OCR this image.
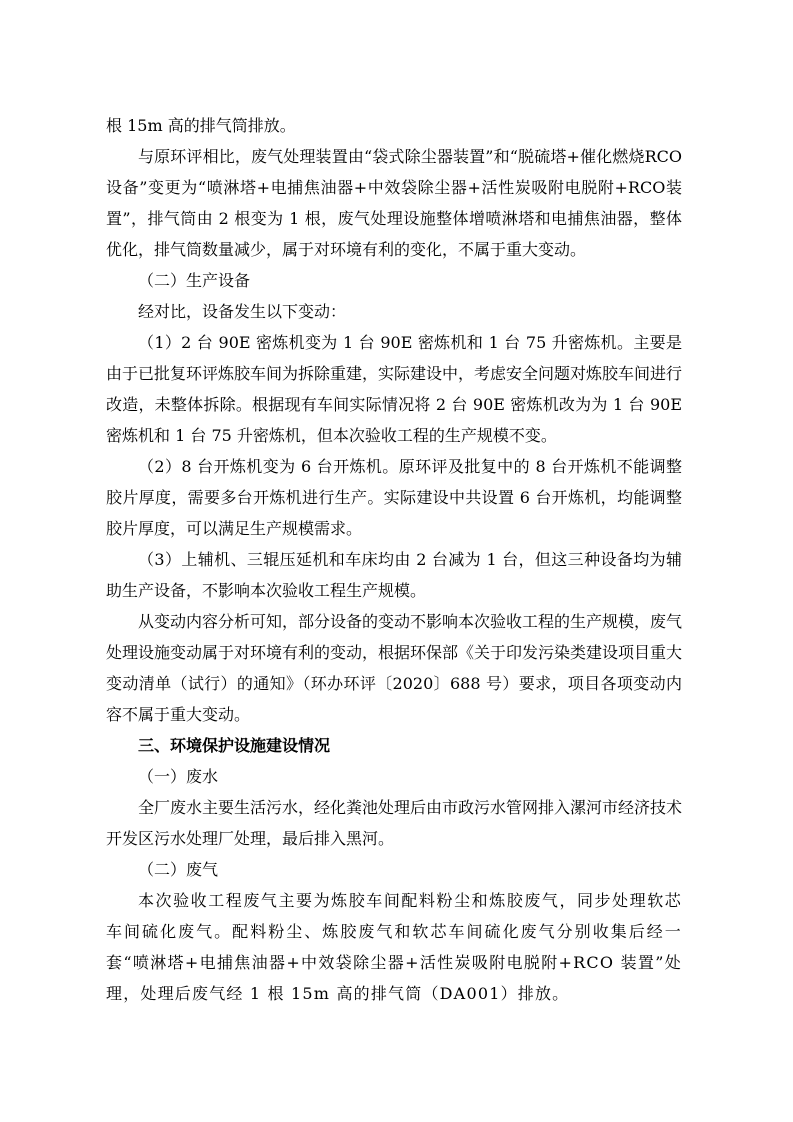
根 15m 高的排气筒排放。

与原环评相比，废气处理装置由“袋式除尘器装置”和“脱硫塔+催化燃烧RCO设备”变更为“喷淋塔+电捕焦油器+中效袋除尘器+活性炭吸附电脱附+RCO装置”，排气筒由 2 根变为 1 根，废气处理设施整体增喷淋塔和电捕焦油器，整体优化，排气筒数量减少，属于对环境有利的变化，不属于重大变动。

（二）生产设备

经对比，设备发生以下变动：

（1）2 台 90E 密炼机变为 1 台 90E 密炼机和 1 台 75 升密炼机。主要是由于已批复环评炼胶车间为拆除重建，实际建设中，考虑安全问题对炼胶车间进行改造，未整体拆除。根据现有车间实际情况将 2 台 90E 密炼机改为为 1 台 90E 密炼机和 1 台 75 升密炼机，但本次验收工程的生产规模不变。

（2）8 台开炼机变为 6 台开炼机。原环评及批复中的 8 台开炼机不能调整胶片厚度，需要多台开炼机进行生产。实际建设中共设置 6 台开炼机，均能调整胶片厚度，可以满足生产规模需求。

（3）上辅机、三辊压延机和车床均由 2 台减为 1 台，但这三种设备均为辅助生产设备，不影响本次验收工程生产规模。

从变动内容分析可知，部分设备的变动不影响本次验收工程的生产规模，废气处理设施变动属于对环境有利的变动，根据环保部《关于印发污染类建设项目重大变动清单（试行）的通知》（环办环评〔2020〕688 号）要求，项目各项变动内容不属于重大变动。

三、环境保护设施建设情况

（一）废水

全厂废水主要生活污水，经化粪池处理后由市政污水管网排入漯河市经济技术开发区污水处理厂处理，最后排入黑河。

（二）废气

本次验收工程废气主要为炼胶车间配料粉尘和炼胶废气，同步处理软芯车间硫化废气。配料粉尘、炼胶废气和软芯车间硫化废气分别收集后经一套“喷淋塔+电捕焦油器+中效袋除尘器+活性炭吸附电脱附+RCO 装置”处理，处理后废气经 1 根 15m 高的排气筒（DA001）排放。
